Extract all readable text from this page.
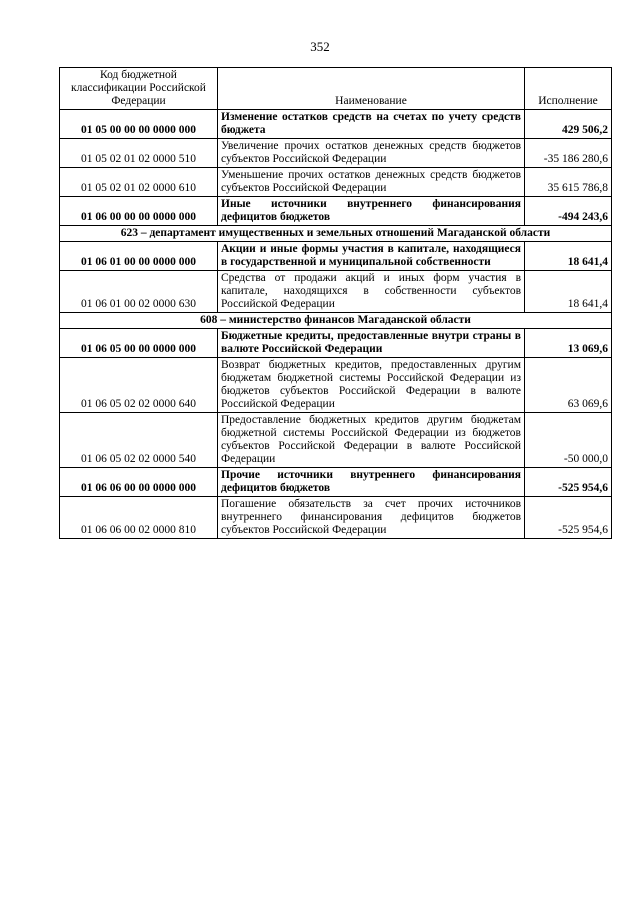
352
Код бюджетной классификации Российской Федерации	Наименование	Исполнение
01 05 00 00 00 0000 000	Изменение остатков средств на счетах по учету средств бюджета	429 506,2
01 05 02 01 02 0000 510	Увеличение прочих остатков денежных средств бюджетов субъектов Российской Федерации	-35 186 280,6
01 05 02 01 02 0000 610	Уменьшение прочих остатков денежных средств бюджетов субъектов Российской Федерации	35 615 786,8
01 06 00 00 00 0000 000	Иные источники внутреннего финансирования дефицитов бюджетов	-494 243,6
623 – департамент имущественных и земельных отношений Магаданской области		
01 06 01 00 00 0000 000	Акции и иные формы участия в капитале, находящиеся в государственной и муниципальной собственности	18 641,4
01 06 01 00 02 0000 630	Средства от продажи акций и иных форм участия в капитале, находящихся в собственности субъектов Российской Федерации	18 641,4
608 – министерство финансов Магаданской области		
01 06 05 00 00 0000 000	Бюджетные кредиты, предоставленные внутри страны в валюте Российской Федерации	13 069,6
01 06 05 02 02 0000 640	Возврат бюджетных кредитов, предоставленных другим бюджетам бюджетной системы Российской Федерации из бюджетов субъектов Российской Федерации в валюте Российской Федерации	63 069,6
01 06 05 02 02 0000 540	Предоставление бюджетных кредитов другим бюджетам бюджетной системы Российской Федерации из бюджетов субъектов Российской Федерации в валюте Российской Федерации	-50 000,0
01 06 06 00 00 0000 000	Прочие источники внутреннего финансирования дефицитов бюджетов	-525 954,6
01 06 06 00 02 0000 810	Погашение обязательств за счет прочих источников внутреннего финансирования дефицитов бюджетов субъектов Российской Федерации	-525 954,6
